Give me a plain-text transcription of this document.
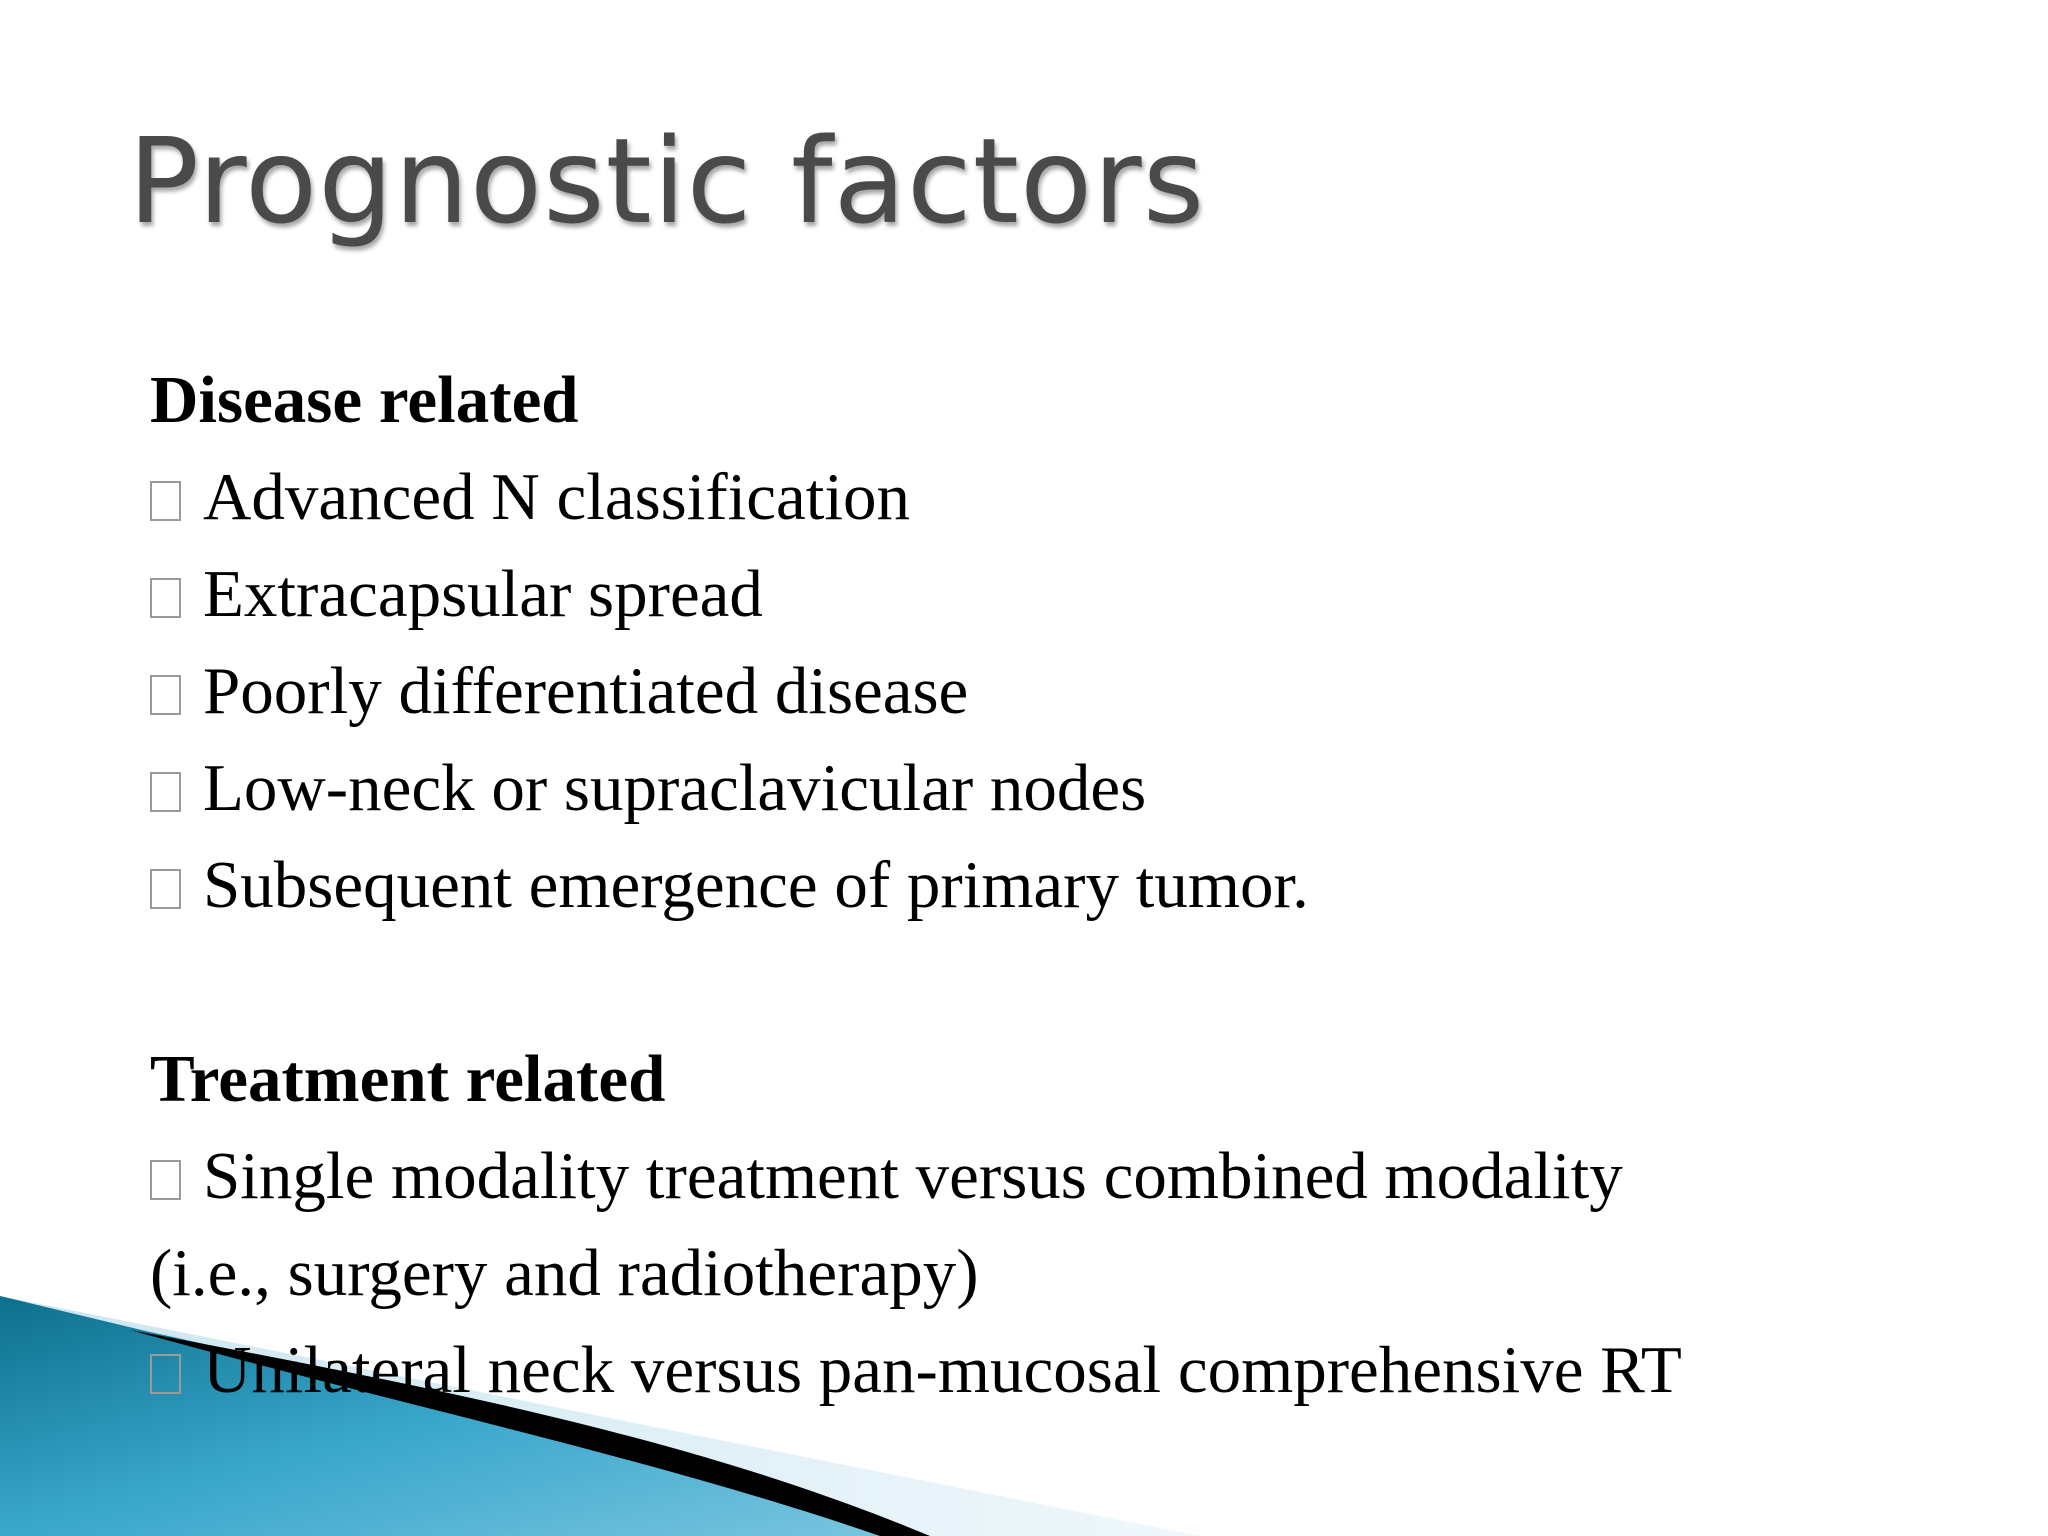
Prognostic factors
Disease related
Advanced N classification
Extracapsular spread
Poorly differentiated disease
Low-neck or supraclavicular nodes
Subsequent emergence of primary tumor.
Treatment related
Single modality treatment versus combined modality
(i.e., surgery and radiotherapy)
Unilateral neck versus pan-mucosal comprehensive RT
